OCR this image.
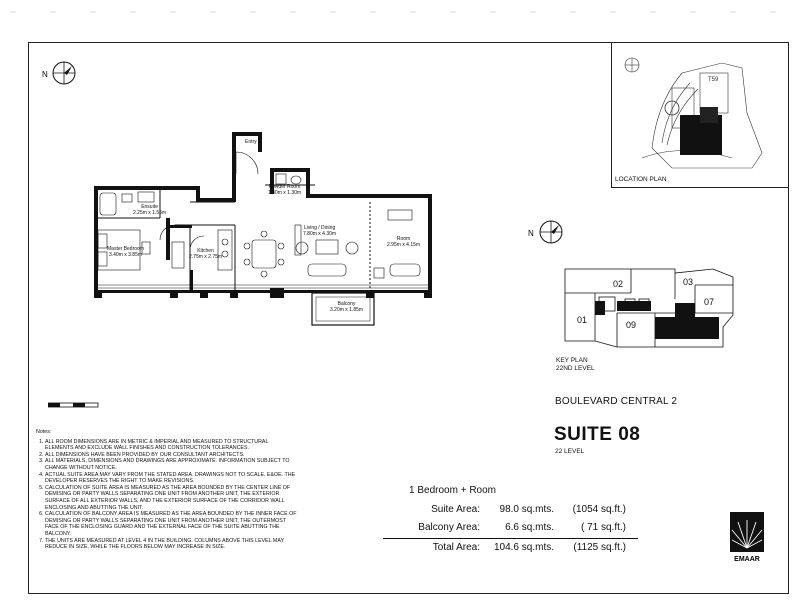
N
Ensuite
2.25m x 1.55m
Master Bedroom
3.40m x 3.85m
Kitchen
2.75m x 2.75m
Entry
Powder Room
1.80m x 1.30m
Living / Dining
7.80m x 4.30m
Room
2.95m x 4.15m
Balcony
3.20m x 1.85m
T59
LOCATION PLAN
N
01
02	03
07
09
KEY PLAN
22ND LEVEL
BOULEVARD CENTRAL 2
SUITE 08
22 LEVEL
1 Bedroom + Room
Suite Area: 98.0 sq.mts. (1054 sq.ft.)
Balcony Area:	6.6 sq.mts.	( 71 sq.ft.)
Total Area: 104.6 sq.mts. (1125 sq.ft.)
Notes:
1. ALL ROOM DIMENSIONS ARE IN METRIC & IMPERIAL AND MEASURED TO STRUCTURAL ELEMENTS AND EXCLUDE WALL FINISHES AND CONSTRUCTION TOLERANCES.
2. ALL DIMENSIONS HAVE BEEN PROVIDED BY OUR CONSULTANT ARCHITECTS.
3. ALL MATERIALS, DIMENSIONS AND DRAWINGS ARE APPROXIMATE. INFORMATION SUBJECT TO CHANGE WITHOUT NOTICE.
4. ACTUAL SUITE AREA MAY VARY FROM THE STATED AREA. DRAWINGS NOT TO SCALE. E&OE. THE DEVELOPER RESERVES THE RIGHT TO MAKE REVISIONS.
5. CALCULATION OF SUITE AREA IS MEASURED AS THE AREA BOUNDED BY THE CENTER LINE OF DEMISING OR PARTY WALLS SEPARATING ONE UNIT FROM ANOTHER UNIT, THE EXTERIOR SURFACE OF ALL EXTERIOR WALLS, AND THE EXTERIOR SURFACE OF THE CORRIDOR WALL ENCLOSING AND ABUTTING THE UNIT.
6. CALCULATION OF BALCONY AREA IS MEASURED AS THE AREA BOUNDED BY THE INNER FACE OF DEMISING OR PARTY WALLS SEPARATING ONE UNIT FROM ANOTHER UNIT, THE OUTERMOST FACE OF THE ENCLOSING GUARD AND THE EXTERNAL FACE OF THE SUITE ABUTTING THE BALCONY.
7. THE UNITS ARE MEASURED AT LEVEL 4 IN THE BUILDING. COLUMNS ABOVE THIS LEVEL MAY REDUCE IN SIZE, WHILE THE FLOORS BELOW MAY INCREASE IN SIZE.
EMAAR
